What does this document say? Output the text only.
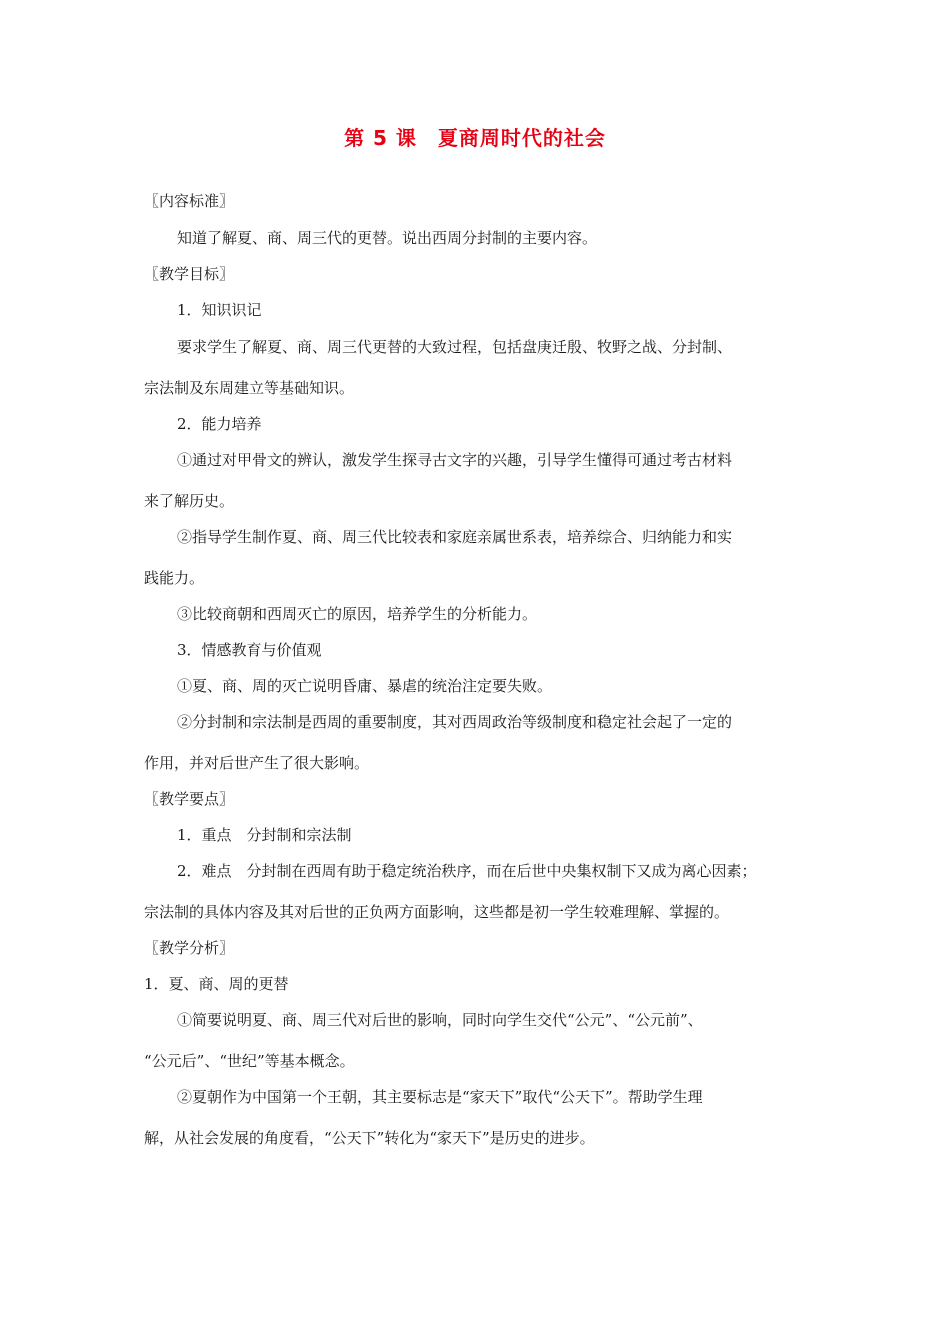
第 5 课　夏商周时代的社会
〖内容标准〗
知道了解夏、商、周三代的更替。说出西周分封制的主要内容。
〖教学目标〗
1．知识识记
要求学生了解夏、商、周三代更替的大致过程，包括盘庚迁殷、牧野之战、分封制、
宗法制及东周建立等基础知识。
2．能力培养
①通过对甲骨文的辨认，激发学生探寻古文字的兴趣，引导学生懂得可通过考古材料
来了解历史。
②指导学生制作夏、商、周三代比较表和家庭亲属世系表，培养综合、归纳能力和实
践能力。
③比较商朝和西周灭亡的原因，培养学生的分析能力。
3．情感教育与价值观
①夏、商、周的灭亡说明昏庸、暴虐的统治注定要失败。
②分封制和宗法制是西周的重要制度，其对西周政治等级制度和稳定社会起了一定的
作用，并对后世产生了很大影响。
〖教学要点〗
1．重点　分封制和宗法制
2．难点　分封制在西周有助于稳定统治秩序，而在后世中央集权制下又成为离心因素；
宗法制的具体内容及其对后世的正负两方面影响，这些都是初一学生较难理解、掌握的。
〖教学分析〗
1．夏、商、周的更替
①简要说明夏、商、周三代对后世的影响，同时向学生交代“公元”、“公元前”、
“公元后”、“世纪”等基本概念。
②夏朝作为中国第一个王朝，其主要标志是“家天下”取代“公天下”。帮助学生理
解，从社会发展的角度看，“公天下”转化为“家天下”是历史的进步。
